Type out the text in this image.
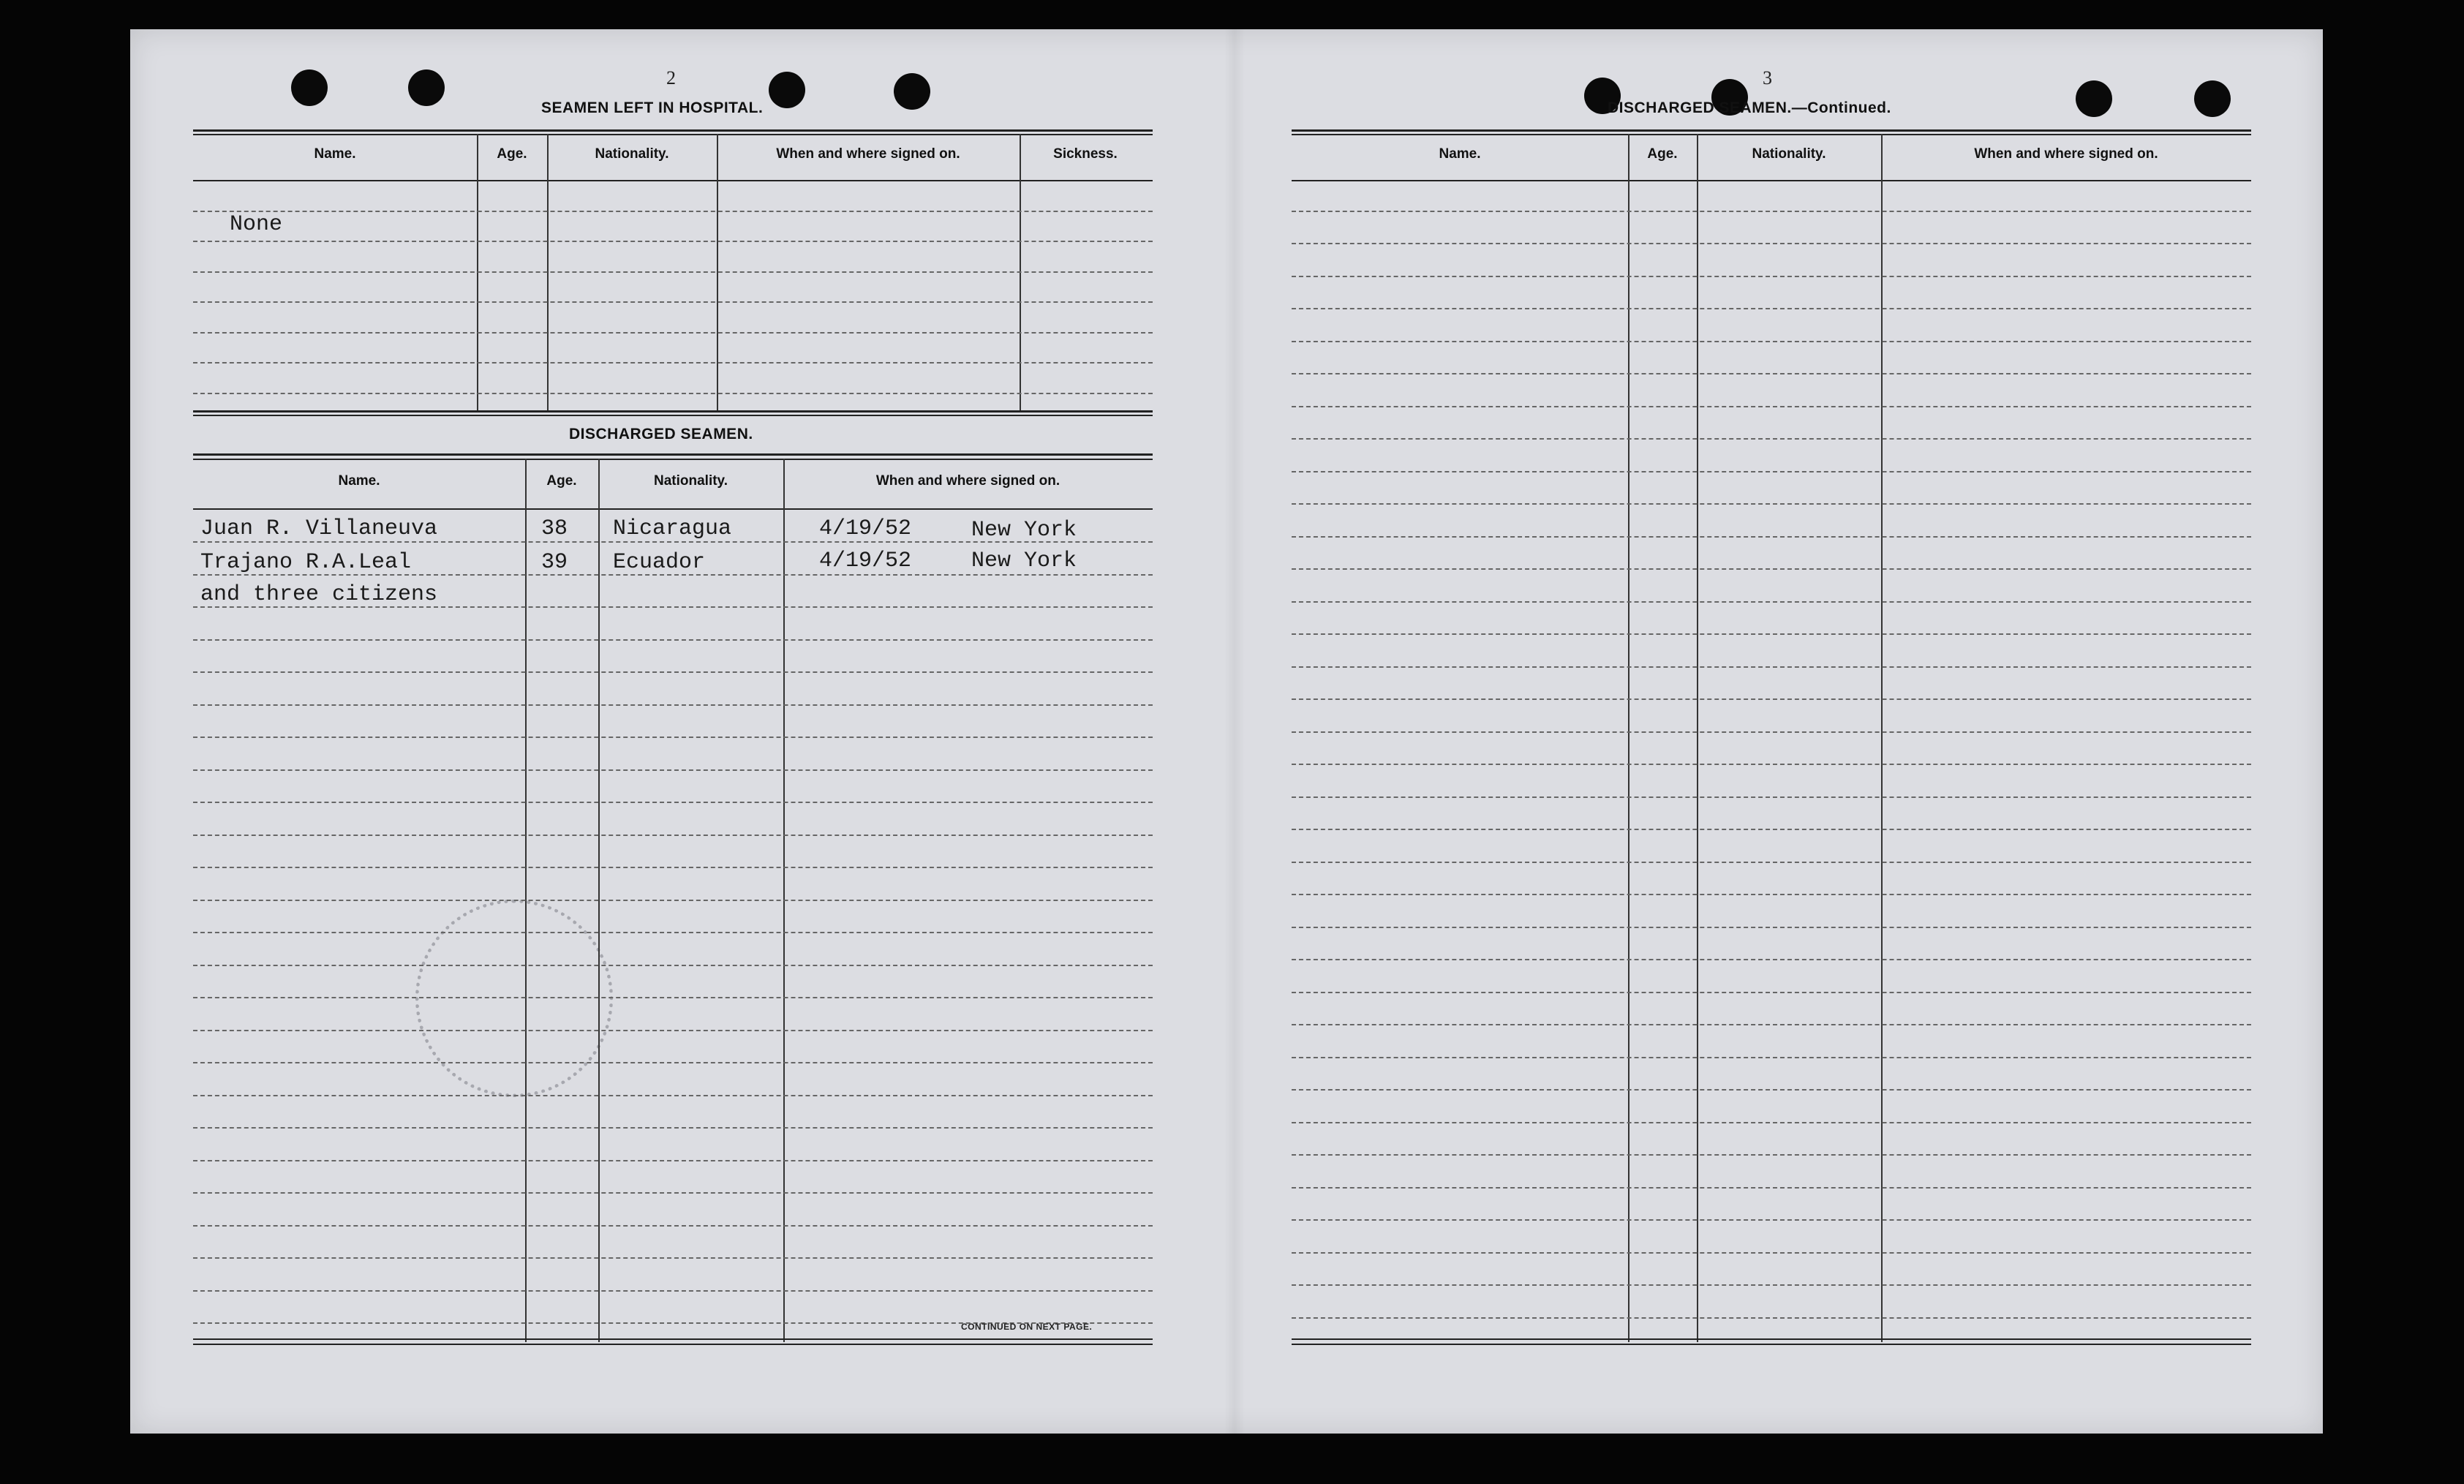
2
SEAMEN LEFT IN HOSPITAL.
Name.	Age.	Nationality.	When and where signed on.	Sickness.
None
DISCHARGED SEAMEN.
Name.	Age.	Nationality.	When and where signed on.
Juan R. Villaneuva	38 Nicaragua	4/19/52	New York
Trajano R.A.Leal	39 Ecuador	4/19/52	New York
and three citizens
CONTINUED ON NEXT PAGE.
3
DISCHARGED SEAMEN.—Continued.
Name.	Age.	Nationality.	When and where signed on.
